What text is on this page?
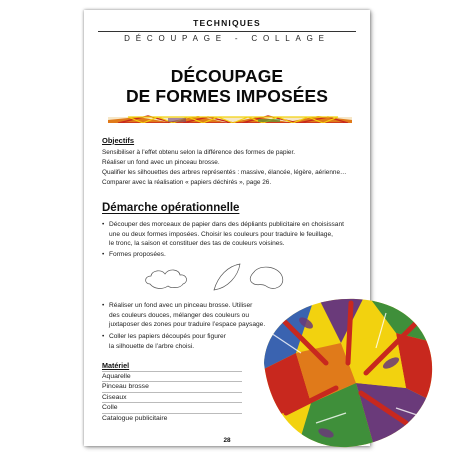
TECHNIQUES
DÉCOUPAGE - COLLAGE
DÉCOUPAGE
DE FORMES IMPOSÉES
Objectifs
Sensibiliser à l’effet obtenu selon la différence des formes de papier.
Réaliser un fond avec un pinceau brosse.
Qualifier les silhouettes des arbres représentés : massive, élancée, légère, aérienne…
Comparer avec la réalisation « papiers déchirés », page 26.
Démarche opérationnelle
• Découper des morceaux de papier dans des dépliants publicitaire en choisissant
une ou deux formes imposées. Choisir les couleurs pour traduire le feuillage,
le tronc, la saison et constituer des tas de couleurs voisines.
• Formes proposées.
• Réaliser un fond avec un pinceau brosse. Utiliser
des couleurs douces, mélanger des couleurs ou
juxtaposer des zones pour traduire l’espace paysage.
• Coller les papiers découpés pour figurer
la silhouette de l’arbre choisi.
Matériel
Aquarelle
Pinceau brosse
Ciseaux
Colle
Catalogue publicitaire
28
